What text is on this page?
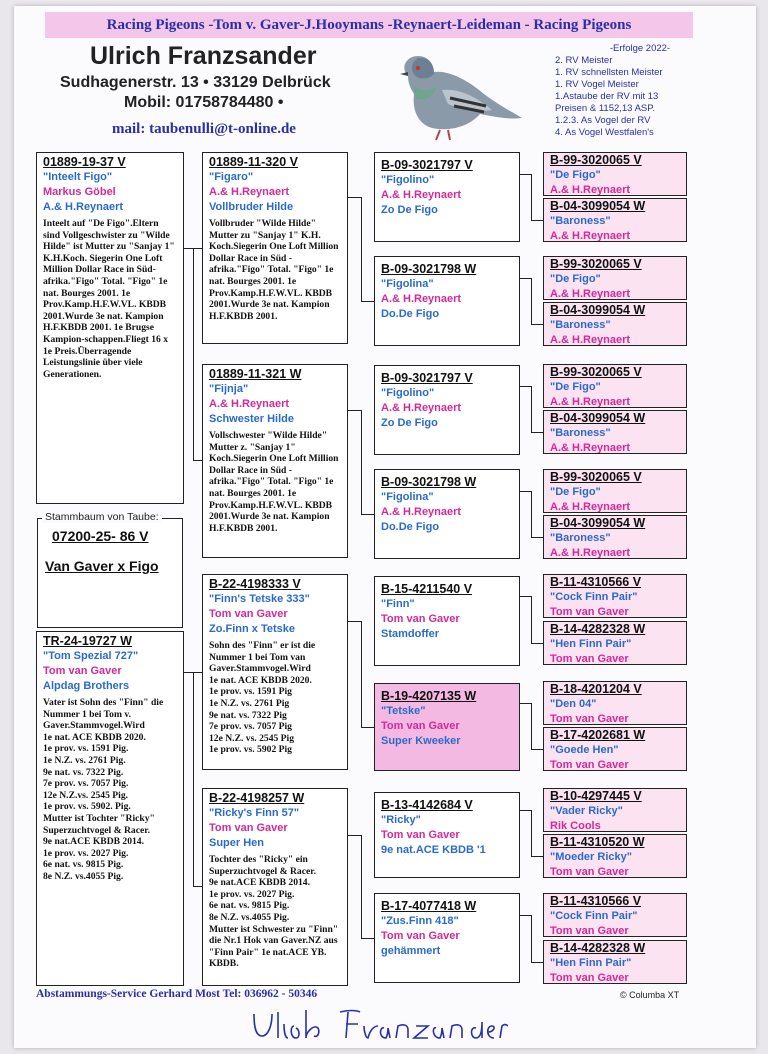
Racing Pigeons -Tom v. Gaver-J.Hooymans -Reynaert-Leideman - Racing Pigeons
Ulrich Franzsander
Sudhagenerstr. 13 • 33129 Delbrück
Mobil: 01758784480 •
mail: taubenulli@t-online.de
-Erfolge 2022-
2. RV Meister
1. RV schnellsten Meister
1. RV Vogel Meister
1.Astaube der RV mit 13
Preisen & 1152,13 ASP.
1.2.3. As Vogel der RV
4. As Vogel Westfalen's
01889-19-37 V
"Inteelt Figo"
Markus Göbel
A.& H.Reynaert
Inteelt auf "De Figo".Eltern sind Vollgeschwister zu "Wilde Hilde" ist Mutter zu "Sanjay 1" K.H.Koch. Siegerin One Loft Million Dollar Race in Süd-afrika."Figo" Total. "Figo" 1e nat. Bourges 2001. 1e Prov.Kamp.H.F.W.VL. KBDB 2001.Wurde 3e nat. Kampion H.F.KBDB 2001. 1e Brugse Kampion-schappen.Fliegt 16 x 1e Preis.Überragende Leistungslinie über viele Generationen.
Stammbaum von Taube:
07200-25- 86 V
Van Gaver x Figo
TR-24-19727 W
"Tom Spezial 727"
Tom van Gaver
Alpdag Brothers
Vater ist Sohn des "Finn" die Nummer 1 bei Tom v. Gaver.Stammvogel.Wird
1e nat. ACE KBDB 2020.
1e prov. vs. 1591 Pig.
1e N.Z. vs. 2761 Pig.
9e nat. vs. 7322 Pig.
7e prov. vs. 7057 Pig.
12e N.Z.vs. 2545 Pig.
1e prov. vs. 5902. Pig.
Mutter ist Tochter "Ricky" Superzuchtvogel & Racer.
9e nat.ACE KBDB 2014.
1e prov. vs. 2027 Pig.
6e nat. vs. 9815 Pig.
8e N.Z. vs.4055 Pig.
01889-11-320 V
"Figaro"
A.& H.Reynaert
Vollbruder Hilde
Vollbruder "Wilde Hilde" Mutter zu "Sanjay 1" K.H. Koch.Siegerin One Loft Million Dollar Race in Süd - afrika."Figo" Total. "Figo" 1e nat. Bourges 2001. 1e Prov.Kamp.H.F.W.VL. KBDB 2001.Wurde 3e nat. Kampion H.F.KBDB 2001.
01889-11-321 W
"Fijnja"
A.& H.Reynaert
Schwester Hilde
Vollschwester "Wilde Hilde" Mutter z. "Sanjay 1" Koch.Siegerin One Loft Million Dollar Race in Süd - afrika."Figo" Total. "Figo" 1e nat. Bourges 2001. 1e Prov.Kamp.H.F.W.VL. KBDB 2001.Wurde 3e nat. Kampion H.F.KBDB 2001.
B-22-4198333 V
"Finn's Tetske 333"
Tom van Gaver
Zo.Finn x Tetske
Sohn des "Finn" er ist die Nummer 1 bei Tom van Gaver.Stammvogel.Wird
1e nat. ACE KBDB 2020.
1e prov. vs. 1591 Pig
1e N.Z. vs. 2761 Pig
9e nat. vs. 7322 Pig
7e prov. vs. 7057 Pig
12e N.Z. vs. 2545 Pig
1e prov. vs. 5902 Pig
B-22-4198257 W
"Ricky's Finn 57"
Tom van Gaver
Super Hen
Tochter des "Ricky" ein Superzuchtvogel & Racer.
9e nat.ACE KBDB 2014.
1e prov. vs. 2027 Pig.
6e nat. vs. 9815 Pig.
8e N.Z. vs.4055 Pig.
Mutter ist Schwester zu "Finn" die Nr.1 Hok van Gaver.NZ aus "Finn Pair" 1e nat.ACE YB. KBDB.
B-09-3021797 V
"Figolino"
A.& H.Reynaert
Zo De Figo
B-09-3021798 W
"Figolina"
A.& H.Reynaert
Do.De Figo
B-09-3021797 V
"Figolino"
A.& H.Reynaert
Zo De Figo
B-09-3021798 W
"Figolina"
A.& H.Reynaert
Do.De Figo
B-15-4211540 V
"Finn"
Tom van Gaver
Stamdoffer
B-19-4207135 W
"Tetske"
Tom van Gaver
Super Kweeker
B-13-4142684 V
"Ricky"
Tom van Gaver
9e nat.ACE KBDB '1
B-17-4077418 W
"Zus.Finn 418"
Tom van Gaver
gehämmert
B-99-3020065 V
"De Figo"
A.& H.Reynaert
B-04-3099054 W
"Baroness"
A.& H.Reynaert
B-99-3020065 V
"De Figo"
A.& H.Reynaert
B-04-3099054 W
"Baroness"
A.& H.Reynaert
B-99-3020065 V
"De Figo"
A.& H.Reynaert
B-04-3099054 W
"Baroness"
A.& H.Reynaert
B-99-3020065 V
"De Figo"
A.& H.Reynaert
B-04-3099054 W
"Baroness"
A.& H.Reynaert
B-11-4310566 V
"Cock Finn Pair"
Tom van Gaver
B-14-4282328 W
"Hen Finn Pair"
Tom van Gaver
B-18-4201204 V
"Den 04"
Tom van Gaver
B-17-4202681 W
"Goede Hen"
Tom van Gaver
B-10-4297445 V
"Vader Ricky"
Rik Cools
B-11-4310520 W
"Moeder Ricky"
Tom van Gaver
B-11-4310566 V
"Cock Finn Pair"
Tom van Gaver
B-14-4282328 W
"Hen Finn Pair"
Tom van Gaver
Abstammungs-Service Gerhard Most Tel: 036962 - 50346	© Columba XT
